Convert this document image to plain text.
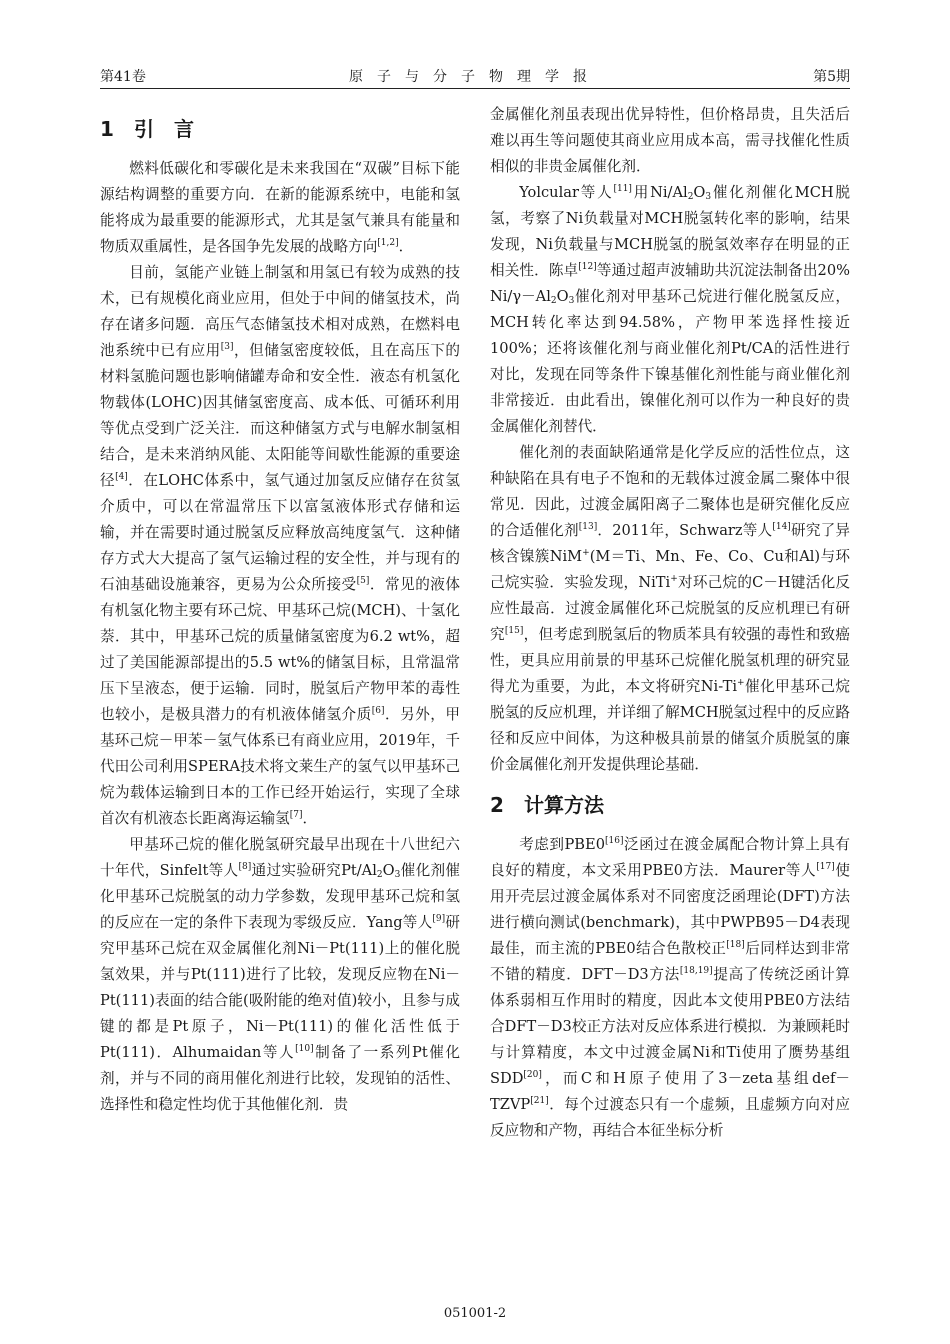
第41卷	原子与分子物理学报	第5期
1 引言

燃料低碳化和零碳化是未来我国在“双碳”目标下能源结构调整的重要方向．在新的能源系统中，电能和氢能将成为最重要的能源形式，尤其是氢气兼具有能量和物质双重属性，是各国争先发展的战略方向[1,2]．

目前，氢能产业链上制氢和用氢已有较为成熟的技术，已有规模化商业应用，但处于中间的储氢技术，尚存在诸多问题．高压气态储氢技术相对成熟，在燃料电池系统中已有应用[3]，但储氢密度较低，且在高压下的材料氢脆问题也影响储罐寿命和安全性．液态有机氢化物载体(LOHC)因其储氢密度高、成本低、可循环利用等优点受到广泛关注．而这种储氢方式与电解水制氢相结合，是未来消纳风能、太阳能等间歇性能源的重要途径[4]．在LOHC体系中，氢气通过加氢反应储存在贫氢介质中，可以在常温常压下以富氢液体形式存储和运输，并在需要时通过脱氢反应释放高纯度氢气．这种储存方式大大提高了氢气运输过程的安全性，并与现有的石油基础设施兼容，更易为公众所接受[5]．常见的液体有机氢化物主要有环己烷、甲基环己烷(MCH)、十氢化萘．其中，甲基环己烷的质量储氢密度为6.2 wt%，超过了美国能源部提出的5.5 wt%的储氢目标，且常温常压下呈液态，便于运输．同时，脱氢后产物甲苯的毒性也较小，是极具潜力的有机液体储氢介质[6]．另外，甲基环己烷－甲苯－氢气体系已有商业应用，2019年，千代田公司利用SPERA技术将文莱生产的氢气以甲基环己烷为载体运输到日本的工作已经开始运行，实现了全球首次有机液态长距离海运输氢[7]．

甲基环己烷的催化脱氢研究最早出现在十八世纪六十年代，Sinfelt等人[8]通过实验研究$Pt/Al_2O_3$催化剂催化甲基环己烷脱氢的动力学参数，发现甲基环己烷和氢的反应在一定的条件下表现为零级反应．Yang等人[9]研究甲基环己烷在双金属催化剂Ni－Pt(111)上的催化脱氢效果，并与Pt(111)进行了比较，发现反应物在Ni－Pt(111)表面的结合能(吸附能的绝对值)较小，且参与成键的都是Pt原子，Ni－Pt(111)的催化活性低于Pt(111)．Alhumaidan等人[10]制备了一系列Pt催化剂，并与不同的商用催化剂进行比较，发现铂的活性、选择性和稳定性均优于其他催化剂．贵

金属催化剂虽表现出优异特性，但价格昂贵，且失活后难以再生等问题使其商业应用成本高，需寻找催化性质相似的非贵金属催化剂．

Yolcular等人[11]用$Ni/Al_2O_3$催化剂催化MCH脱氢，考察了Ni负载量对MCH脱氢转化率的影响，结果发现，Ni负载量与MCH脱氢的脱氢效率存在明显的正相关性．陈卓[12]等通过超声波辅助共沉淀法制备出20% $Ni/\gamma-Al_2O_3$催化剂对甲基环己烷进行催化脱氢反应，MCH转化率达到94.58%，产物甲苯选择性接近100%；还将该催化剂与商业催化剂Pt/CA的活性进行对比，发现在同等条件下镍基催化剂性能与商业催化剂非常接近．由此看出，镍催化剂可以作为一种良好的贵金属催化剂替代．

催化剂的表面缺陷通常是化学反应的活性位点，这种缺陷在具有电子不饱和的无载体过渡金属二聚体中很常见．因此，过渡金属阳离子二聚体也是研究催化反应的合适催化剂[13]．2011年，Schwarz等人[14]研究了异核含镍簇NiM+(M＝Ti、Mn、Fe、Co、Cu和Al)与环己烷实验．实验发现，NiTi+对环己烷的C－H键活化反应性最高．过渡金属催化环己烷脱氢的反应机理已有研究[15]，但考虑到脱氢后的物质苯具有较强的毒性和致癌性，更具应用前景的甲基环己烷催化脱氢机理的研究显得尤为重要，为此，本文将研究Ni-Ti+催化甲基环己烷脱氢的反应机理，并详细了解MCH脱氢过程中的反应路径和反应中间体，为这种极具前景的储氢介质脱氢的廉价金属催化剂开发提供理论基础．

2 计算方法

考虑到PBE0[16]泛函过在渡金属配合物计算上具有良好的精度，本文采用PBE0方法．Maurer等人[17]使用开壳层过渡金属体系对不同密度泛函理论(DFT)方法进行横向测试(benchmark)，其中PWPB95－D4表现最佳，而主流的PBE0结合色散校正[18]后同样达到非常不错的精度．DFT－D3方法[18,19]提高了传统泛函计算体系弱相互作用时的精度，因此本文使用PBE0方法结合DFT－D3校正方法对反应体系进行模拟．为兼顾耗时与计算精度，本文中过渡金属Ni和Ti使用了赝势基组SDD[20]，而C和H原子使用了3－zeta基组def－TZVP[21]．每个过渡态只有一个虚频，且虚频方向对应反应物和产物，再结合本征坐标分析

051001-2
